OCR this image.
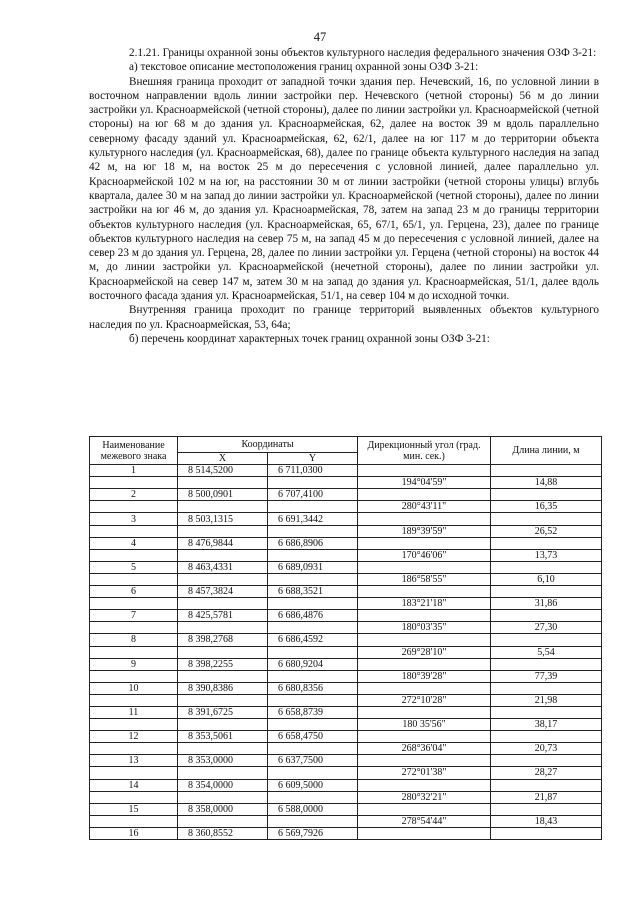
47

2.1.21. Границы охранной зоны объектов культурного наследия федерального значения ОЗФ 3-21:

а) текстовое описание местоположения границ охранной зоны ОЗФ 3-21:

Внешняя граница проходит от западной точки здания пер. Нечевский, 16, по условной линии в восточном направлении вдоль линии застройки пер. Нечевского (четной стороны) 56 м до линии застройки ул. Красноармейской (четной стороны), далее по линии застройки ул. Красноармейской (четной стороны) на юг 68 м до здания ул. Красноармейская, 62, далее на восток 39 м вдоль параллельно северному фасаду зданий ул. Красноармейская, 62, 62/1, далее на юг 117 м до территории объекта культурного наследия (ул. Красноармейская, 68), далее по границе объекта культурного наследия на запад 42 м, на юг 18 м, на восток 25 м до пересечения с условной линией, далее параллельно ул. Красноармейской 102 м на юг, на расстоянии 30 м от линии застройки (четной стороны улицы) вглубь квартала, далее 30 м на запад до линии застройки ул. Красноармейской (четной стороны), далее по линии застройки на юг 46 м, до здания ул. Красноармейская, 78, затем на запад 23 м до границы территории объектов культурного наследия (ул. Красноармейская, 65, 67/1, 65/1, ул. Герцена, 23), далее по границе объектов культурного наследия на север 75 м, на запад 45 м до пересечения с условной линией, далее на север 23 м до здания ул. Герцена, 28, далее по линии застройки ул. Герцена (четной стороны) на восток 44 м, до линии застройки ул. Красноармейской (нечетной стороны), далее по линии застройки ул. Красноармейской на север 147 м, затем 30 м на запад до здания ул. Красноармейская, 51/1, далее вдоль восточного фасада здания ул. Красноармейская, 51/1, на север 104 м до исходной точки.

Внутренняя граница проходит по границе территорий выявленных объектов культурного наследия по ул. Красноармейская, 53, 64а;

б) перечень координат характерных точек границ охранной зоны ОЗФ 3-21:

Наименование межевого знака	Координаты		Дирекционный угол (град. мин. сек.)	Длина линии, м
	X	Y		
1	8 514,5200	6 711,0300		
			194°04'59"	14,88
2	8 500,0901	6 707,4100		
			280°43'11"	16,35
3	8 503,1315	6 691,3442		
			189°39'59"	26,52
4	8 476,9844	6 686,8906		
			170°46'06"	13,73
5	8 463,4331	6 689,0931		
			186°58'55"	6,10
6	8 457,3824	6 688,3521		
			183°21'18"	31,86
7	8 425,5781	6 686,4876		
			180°03'35"	27,30
8	8 398,2768	6 686,4592		
			269°28'10"	5,54
9	8 398,2255	6 680,9204		
			180°39'28"	77,39
10	8 390,8386	6 680,8356		
			272°10'28"	21,98
11	8 391,6725	6 658,8739		
			180 35'56"	38,17
12	8 353,5061	6 658,4750		
			268°36'04"	20,73
13	8 353,0000	6 637,7500		
			272°01'38"	28,27
14	8 354,0000	6 609,5000		
			280°32'21"	21,87
15	8 358,0000	6 588,0000		
			278°54'44"	18,43
16	8 360,8552	6 569,7926		
